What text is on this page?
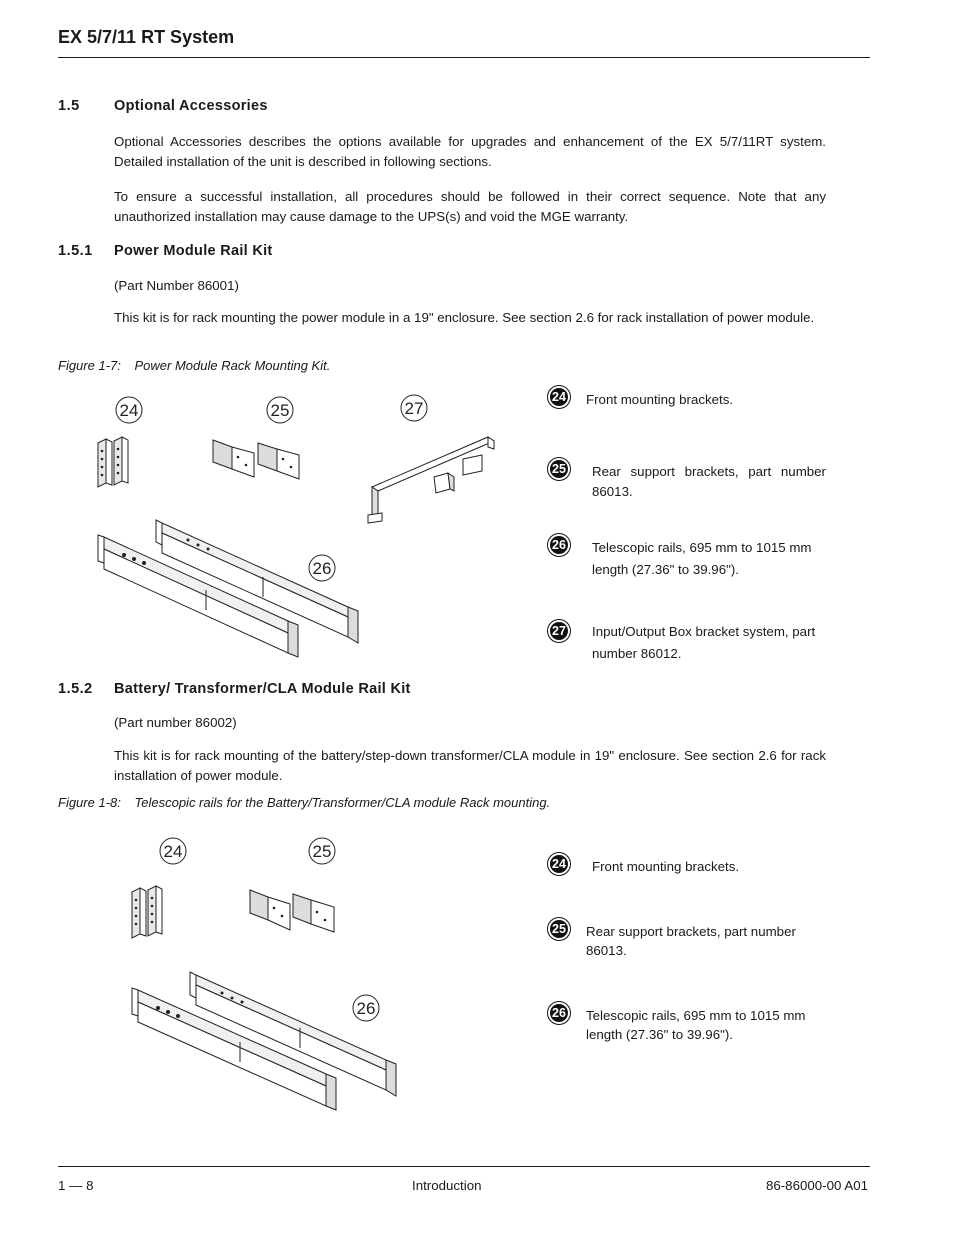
EX 5/7/11 RT System
1.5 Optional Accessories
Optional Accessories describes the options available for upgrades and enhancement of the EX 5/7/11RT system. Detailed installation of the unit is described in following sections.
To ensure a successful installation, all procedures should be followed in their correct sequence. Note that any unauthorized installation may cause damage to the UPS(s) and void the MGE warranty.
1.5.1 Power Module Rail Kit
(Part Number 86001)
This kit is for rack mounting the power module in a 19" enclosure. See section 2.6 for rack installation of power module.
Figure 1-7: Power Module Rack Mounting Kit.
24	25	27
26
24	Front mounting brackets.
25	Rear support brackets, part number 86013.
26	Telescopic rails, 695 mm to 1015 mm length (27.36" to 39.96").
27	Input/Output Box bracket system, part number 86012.
1.5.2 Battery/ Transformer/CLA Module Rail Kit
(Part number 86002)
This kit is for rack mounting of the battery/step-down transformer/CLA module in 19" enclosure. See section 2.6 for rack installation of power module.
Figure 1-8: Telescopic rails for the Battery/Transformer/CLA module Rack mounting.
24	25
26
24	Front mounting brackets.
25	Rear support brackets, part number 86013.
26	Telescopic rails, 695 mm to 1015 mm length (27.36" to 39.96").
1 — 8	Introduction	86-86000-00 A01
